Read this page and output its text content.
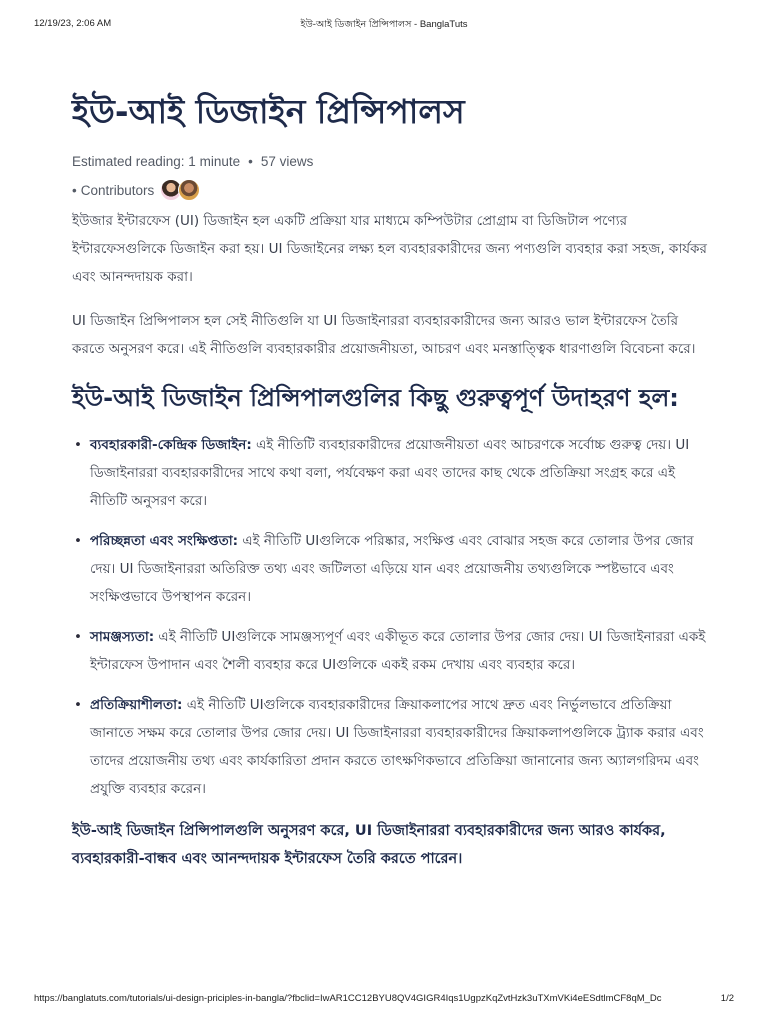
12/19/23, 2:06 AM	ইউ-আই ডিজাইন প্রিন্সিপালস - BanglaTuts
ইউ-আই ডিজাইন প্রিন্সিপালস
Estimated reading: 1 minute • 57 views
• Contributors

ইউজার ইন্টারফেস (UI) ডিজাইন হল একটি প্রক্রিয়া যার মাধ্যমে কম্পিউটার প্রোগ্রাম বা ডিজিটাল পণ্যের ইন্টারফেসগুলিকে ডিজাইন করা হয়। UI ডিজাইনের লক্ষ্য হল ব্যবহারকারীদের জন্য পণ্যগুলি ব্যবহার করা সহজ, কার্যকর এবং আনন্দদায়ক করা।

UI ডিজাইন প্রিন্সিপালস হল সেই নীতিগুলি যা UI ডিজাইনাররা ব্যবহারকারীদের জন্য আরও ভাল ইন্টারফেস তৈরি করতে অনুসরণ করে। এই নীতিগুলি ব্যবহারকারীর প্রয়োজনীয়তা, আচরণ এবং মনস্তাত্ত্বিক ধারণাগুলি বিবেচনা করে।

ইউ-আই ডিজাইন প্রিন্সিপালগুলির কিছু গুরুত্বপূর্ণ উদাহরণ হল:
• ব্যবহারকারী-কেন্দ্রিক ডিজাইন: এই নীতিটি ব্যবহারকারীদের প্রয়োজনীয়তা এবং আচরণকে সর্বোচ্চ গুরুত্ব দেয়। UI ডিজাইনাররা ব্যবহারকারীদের সাথে কথা বলা, পর্যবেক্ষণ করা এবং তাদের কাছ থেকে প্রতিক্রিয়া সংগ্রহ করে এই নীতিটি অনুসরণ করে।
• পরিচ্ছন্নতা এবং সংক্ষিপ্ততা: এই নীতিটি UIগুলিকে পরিষ্কার, সংক্ষিপ্ত এবং বোঝার সহজ করে তোলার উপর জোর দেয়। UI ডিজাইনাররা অতিরিক্ত তথ্য এবং জটিলতা এড়িয়ে যান এবং প্রয়োজনীয় তথ্যগুলিকে স্পষ্টভাবে এবং সংক্ষিপ্তভাবে উপস্থাপন করেন।
• সামঞ্জস্যতা: এই নীতিটি UIগুলিকে সামঞ্জস্যপূর্ণ এবং একীভূত করে তোলার উপর জোর দেয়। UI ডিজাইনাররা একই ইন্টারফেস উপাদান এবং শৈলী ব্যবহার করে UIগুলিকে একই রকম দেখায় এবং ব্যবহার করে।
• প্রতিক্রিয়াশীলতা: এই নীতিটি UIগুলিকে ব্যবহারকারীদের ক্রিয়াকলাপের সাথে দ্রুত এবং নির্ভুলভাবে প্রতিক্রিয়া জানাতে সক্ষম করে তোলার উপর জোর দেয়। UI ডিজাইনাররা ব্যবহারকারীদের ক্রিয়াকলাপগুলিকে ট্র্যাক করার এবং তাদের প্রয়োজনীয় তথ্য এবং কার্যকারিতা প্রদান করতে তাৎক্ষণিকভাবে প্রতিক্রিয়া জানানোর জন্য অ্যালগরিদম এবং প্রযুক্তি ব্যবহার করেন।

ইউ-আই ডিজাইন প্রিন্সিপালগুলি অনুসরণ করে, UI ডিজাইনাররা ব্যবহারকারীদের জন্য আরও কার্যকর, ব্যবহারকারী-বান্ধব এবং আনন্দদায়ক ইন্টারফেস তৈরি করতে পারেন।

https://banglatuts.com/tutorials/ui-design-priciples-in-bangla/?fbclid=IwAR1CC12BYU8QV4GIGR4Iqs1UgpzKqZvtHzk3uTXmVKi4eESdtlmCF8qM_Dc	1/2
